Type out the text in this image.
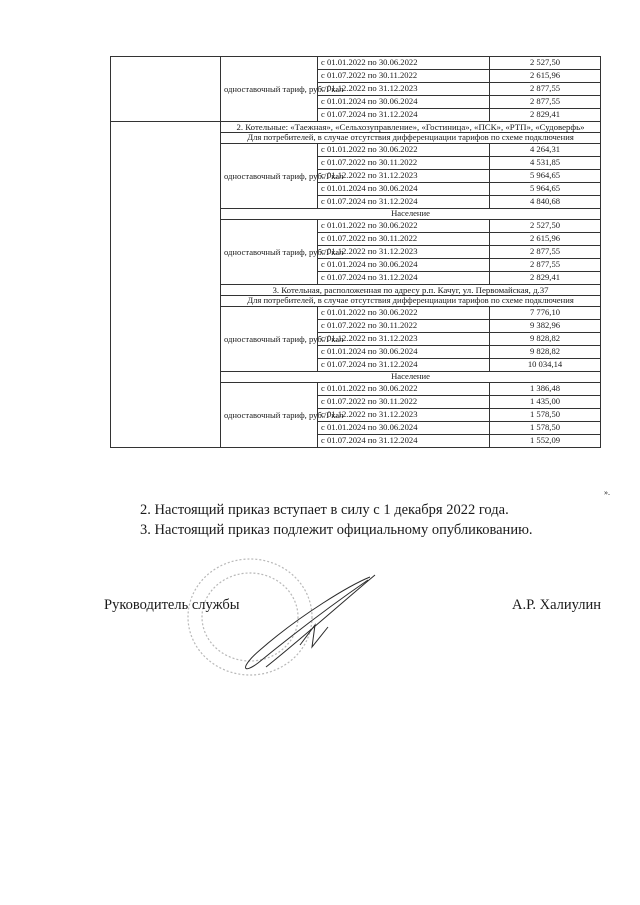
	одноставочный тариф, руб./Гкал	с 01.01.2022 по 30.06.2022	2 527,50
		с 01.07.2022 по 30.11.2022	2 615,96
		с 01.12.2022 по 31.12.2023	2 877,55
		с 01.01.2024 по 30.06.2024	2 877,55
		с 01.07.2024 по 31.12.2024	2 829,41
	2. Котельные: «Таежная», «Сельхозуправление», «Гостиница», «ПСК», «РТП», «Судоверфь»		
	Для потребителей, в случае отсутствия дифференциации тарифов по схеме подключения		
	одноставочный тариф, руб./Гкал	с 01.01.2022 по 30.06.2022	4 264,31
		с 01.07.2022 по 30.11.2022	4 531,85
		с 01.12.2022 по 31.12.2023	5 964,65
		с 01.01.2024 по 30.06.2024	5 964,65
		с 01.07.2024 по 31.12.2024	4 840,68
	Население		
	одноставочный тариф, руб./Гкал	с 01.01.2022 по 30.06.2022	2 527,50
		с 01.07.2022 по 30.11.2022	2 615,96
		с 01.12.2022 по 31.12.2023	2 877,55
		с 01.01.2024 по 30.06.2024	2 877,55
		с 01.07.2024 по 31.12.2024	2 829,41
	3. Котельная, расположенная по адресу р.п. Качуг, ул. Первомайская, д.37		
	Для потребителей, в случае отсутствия дифференциации тарифов по схеме подключения		
	одноставочный тариф, руб./Гкал	с 01.01.2022 по 30.06.2022	7 776,10
		с 01.07.2022 по 30.11.2022	9 382,96
		с 01.12.2022 по 31.12.2023	9 828,82
		с 01.01.2024 по 30.06.2024	9 828,82
		с 01.07.2024 по 31.12.2024	10 034,14
	Население		
	одноставочный тариф, руб./Гкал	с 01.01.2022 по 30.06.2022	1 386,48
		с 01.07.2022 по 30.11.2022	1 435,00
		с 01.12.2022 по 31.12.2023	1 578,50
		с 01.01.2024 по 30.06.2024	1 578,50
		с 01.07.2024 по 31.12.2024	1 552,09
».
2. Настоящий приказ вступает в силу с 1 декабря 2022 года.
3. Настоящий приказ подлежит официальному опубликованию.
Руководитель службы	А.Р. Халиулин
